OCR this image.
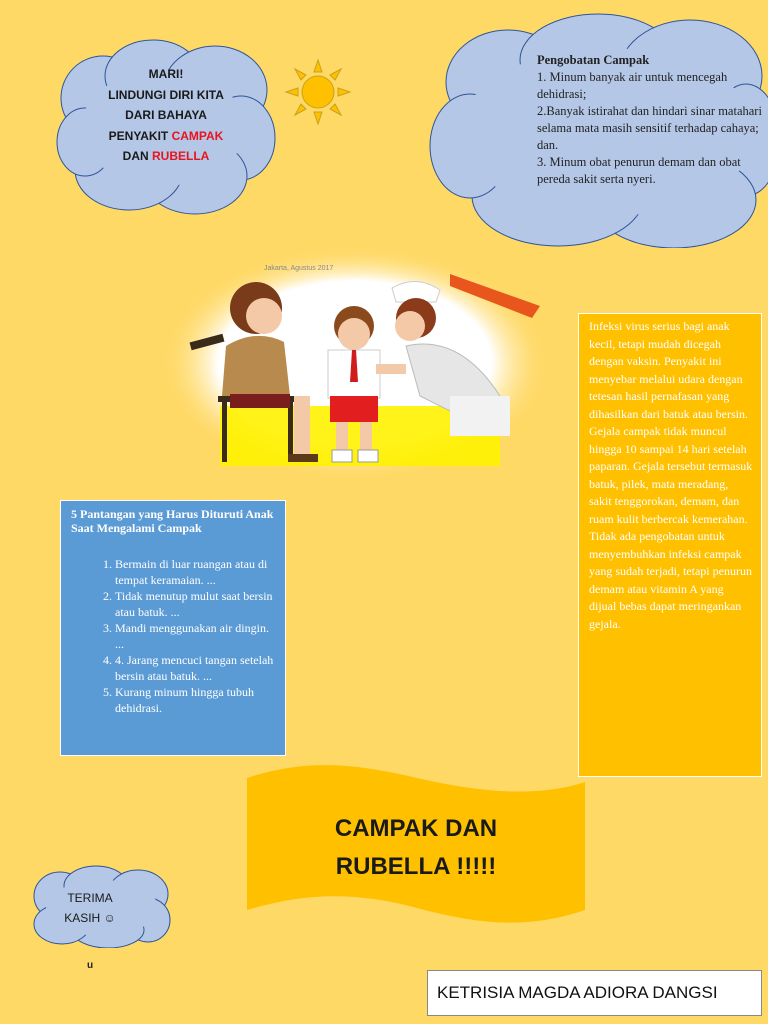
MARI!
LINDUNGI DIRI KITA
DARI BAHAYA
PENYAKIT CAMPAK
DAN RUBELLA
Pengobatan Campak
1. Minum banyak air untuk mencegah dehidrasi;
2.Banyak istirahat dan hindari sinar matahari selama mata masih sensitif terhadap cahaya; dan.
3. Minum obat penurun demam dan obat pereda sakit serta nyeri.
Jakarta, Agustus 2017
5 Pantangan yang Harus Dituruti Anak Saat Mengalami Campak
1. Bermain di luar ruangan atau di tempat keramaian. ...
2. Tidak menutup mulut saat bersin atau batuk. ...
3. Mandi menggunakan air dingin. ...
4. 4. Jarang mencuci tangan setelah bersin atau batuk. ...
5. Kurang minum hingga tubuh dehidrasi.

Infeksi virus serius bagi anak kecil, tetapi mudah dicegah dengan vaksin. Penyakit ini menyebar melalui udara dengan tetesan hasil pernafasan yang dihasilkan dari batuk atau bersin.

Gejala campak tidak muncul hingga 10 sampai 14 hari setelah paparan. Gejala tersebut termasuk batuk, pilek, mata meradang, sakit tenggorokan, demam, dan ruam kulit berbercak kemerahan.

Tidak ada pengobatan untuk menyembuhkan infeksi campak yang sudah terjadi, tetapi penurun demam atau vitamin A yang dijual bebas dapat meringankan gejala.

CAMPAK DAN
RUBELLA !!!!!
TERIMA
KASIH ☺
u
KETRISIA MAGDA ADIORA DANGSI
